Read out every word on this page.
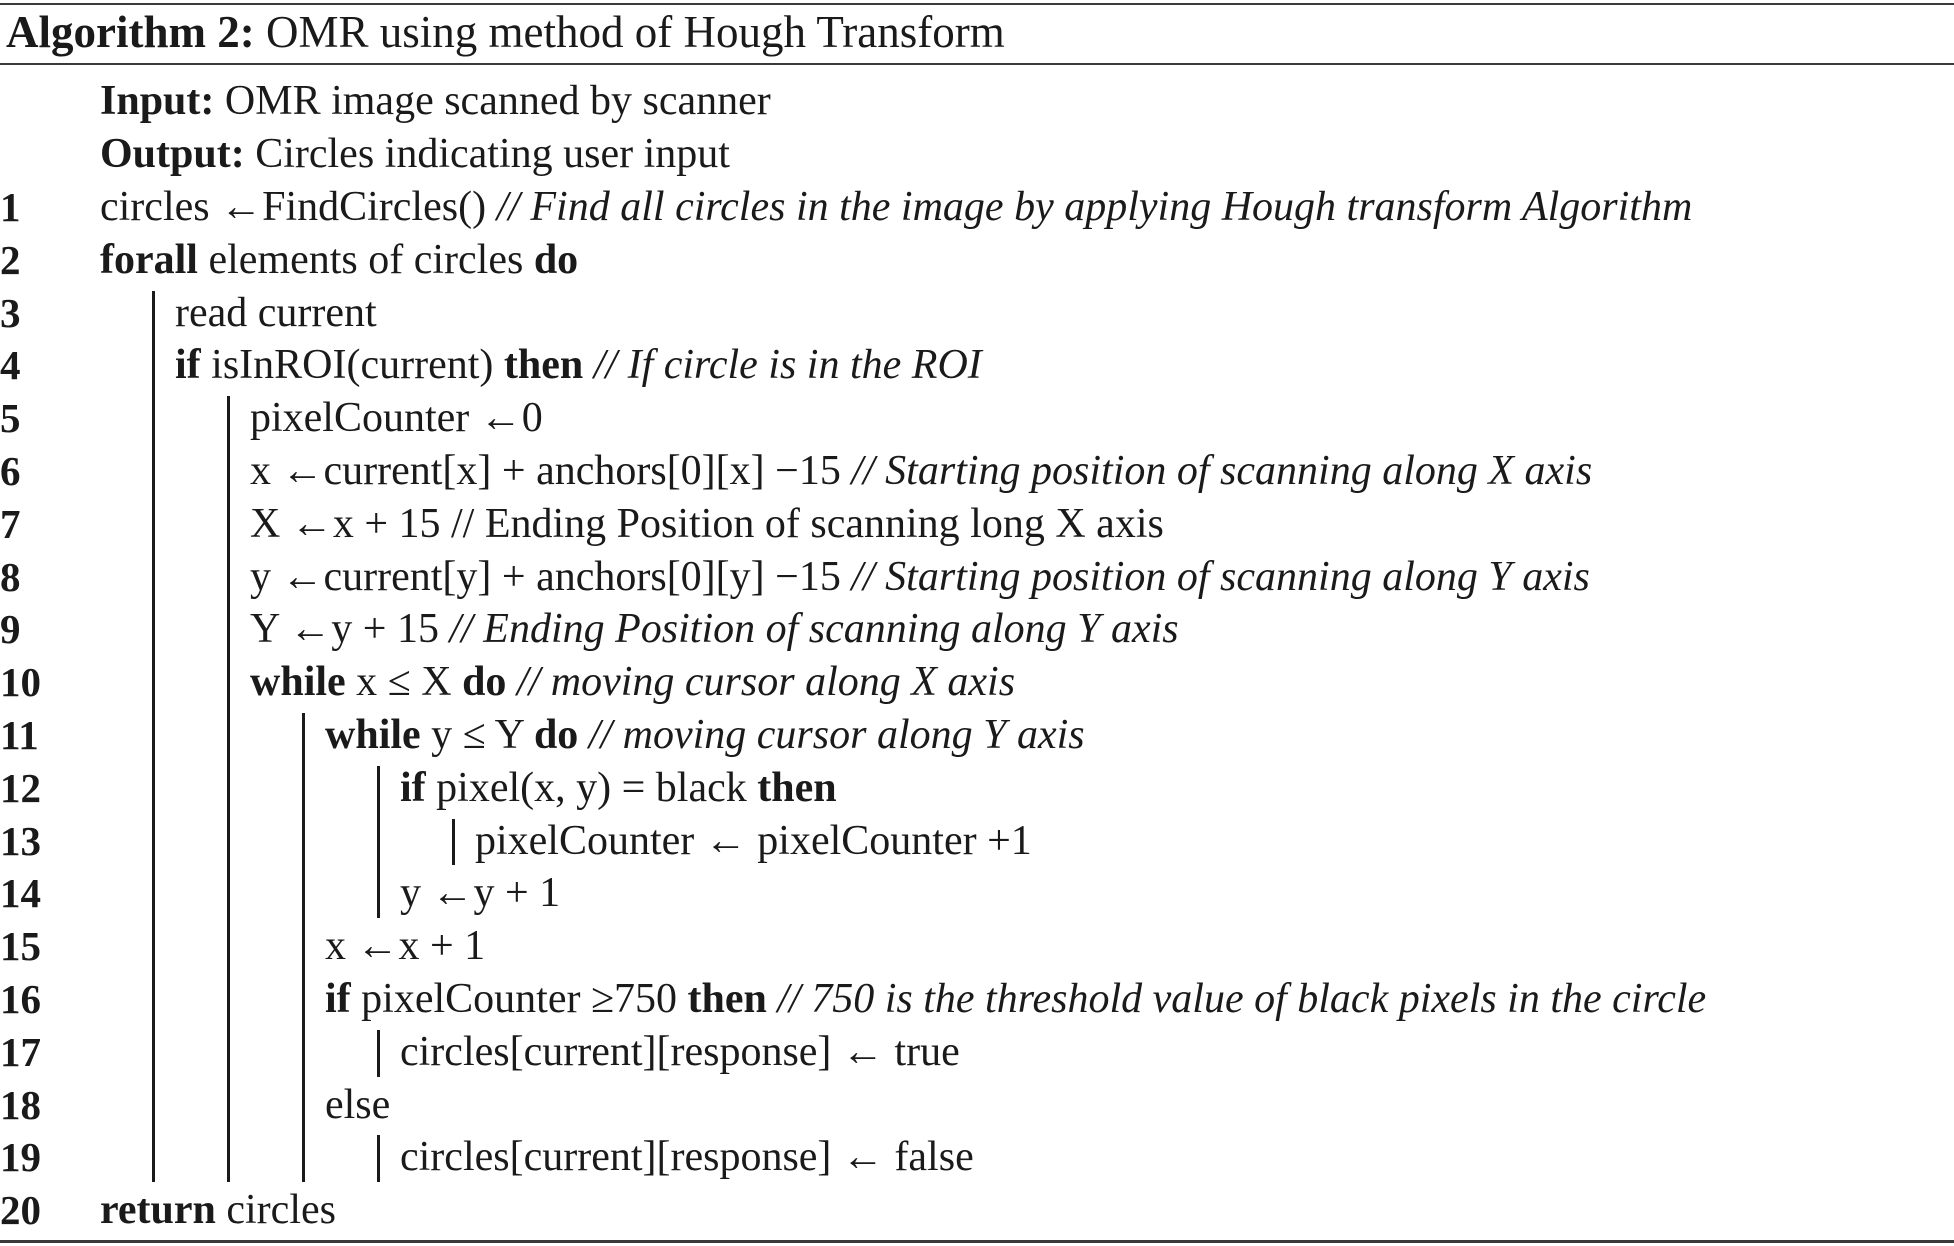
Algorithm 2: OMR using method of Hough Transform
Input: OMR image scanned by scanner
Output: Circles indicating user input
1	circles ←FindCircles() // Find all circles in the image by applying Hough transform Algorithm
2	forall elements of circles do
3	read current
4	if isInROI(current) then // If circle is in the ROI
5	pixelCounter ←0
6	x ←current[x] + anchors[0][x] −15 // Starting position of scanning along X axis
7	X ←x + 15 // Ending Position of scanning long X axis
8	y ←current[y] + anchors[0][y] −15 // Starting position of scanning along Y axis
9	Y ←y + 15 // Ending Position of scanning along Y axis
10	while x ≤ X do // moving cursor along X axis
11	while y ≤ Y do // moving cursor along Y axis
12	if pixel(x, y) = black then
13	pixelCounter ← pixelCounter +1
14	y ←y + 1
15	x ←x + 1
16	if pixelCounter ≥750 then // 750 is the threshold value of black pixels in the circle
17	circles[current][response] ← true
18	else
19	circles[current][response] ← false
20	return circles
